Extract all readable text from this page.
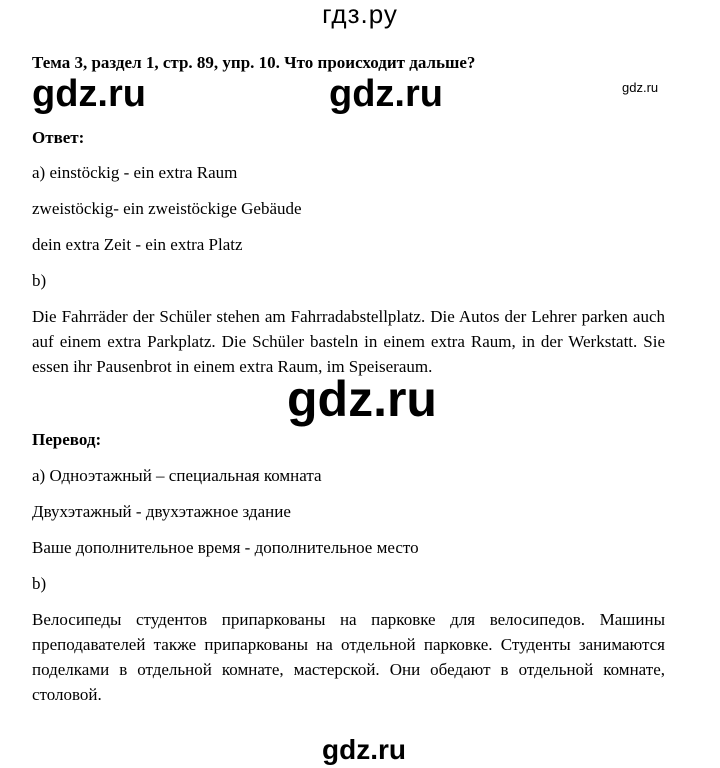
гдз.ру
Тема 3, раздел 1, стр. 89, упр. 10. Что происходит дальше?
gdz.ru	gdz.ru	gdz.ru
Ответ:

а) einstöckig - ein extra Raum

zweistöckig- ein zweistöckige Gebäude

dein extra Zeit - ein extra Platz

b)

Die Fahrräder der Schüler stehen am Fahrradabstellplatz. Die Autos der Lehrer parken auch auf einem extra Parkplatz. Die Schüler basteln in einem extra Raum, in der Werkstatt. Sie essen ihr Pausenbrot in einem extra Raum, im Speiseraum.

gdz.ru
Перевод:

а) Одноэтажный – специальная комната

Двухэтажный - двухэтажное здание

Ваше дополнительное время - дополнительное место

b)

Велосипеды студентов припаркованы на парковке для велосипедов. Машины преподавателей также припаркованы на отдельной парковке. Студенты занимаются поделками в отдельной комнате, мастерской. Они обедают в отдельной комнате, столовой.

gdz.ru
